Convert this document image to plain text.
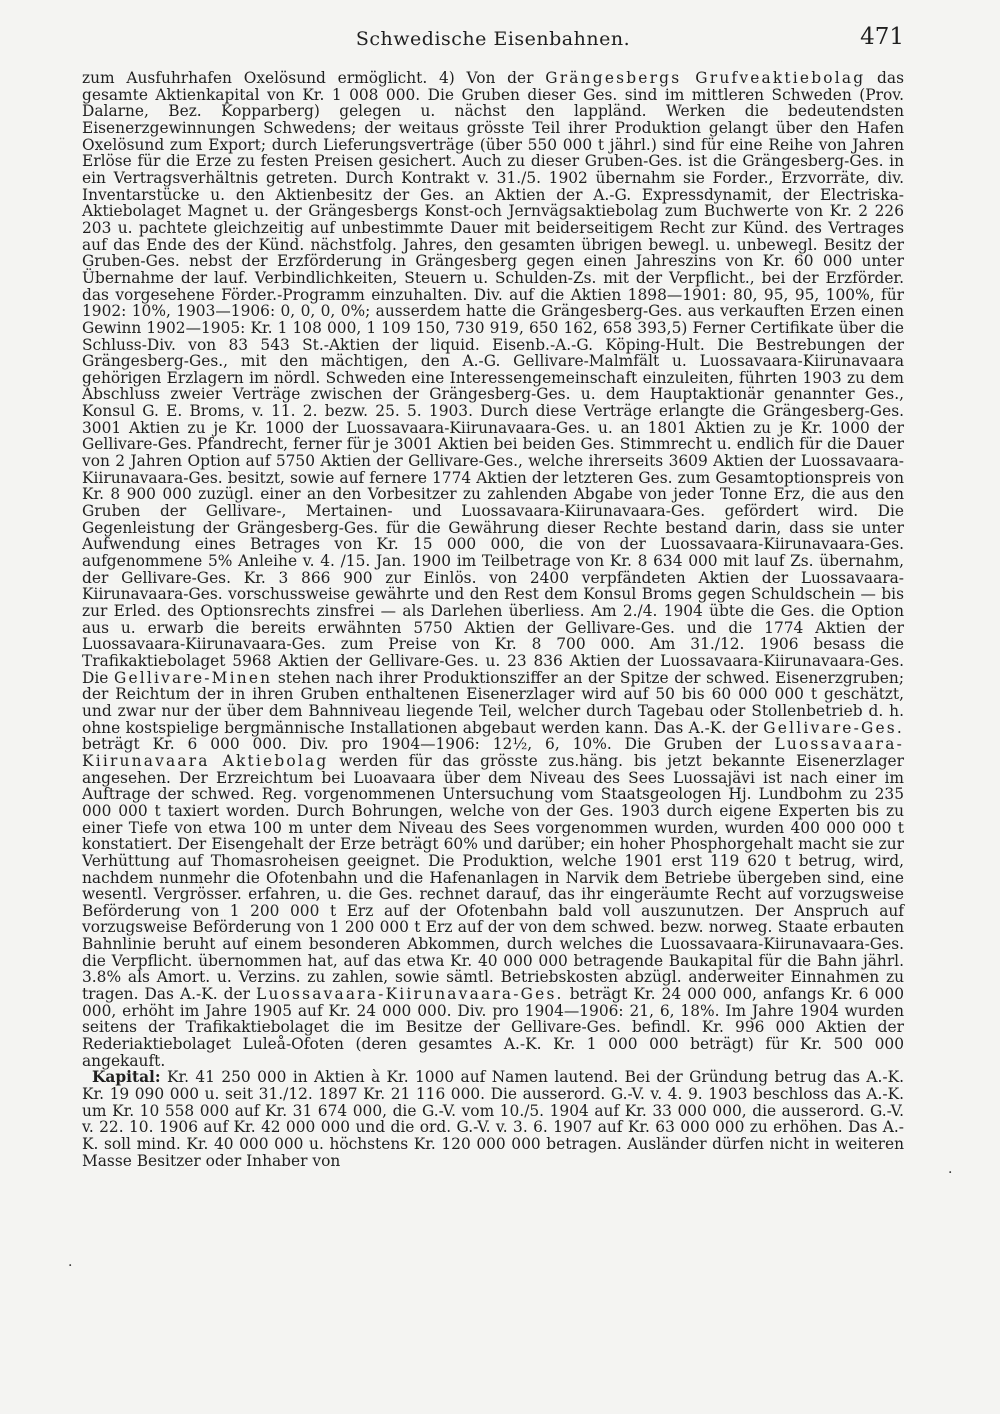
Schwedische Eisenbahnen.	471

zum Ausfuhrhafen Oxelösund ermöglicht. 4) Von der Grängesbergs Grufveaktiebolag das gesamte Aktienkapital von Kr. 1 008 000. Die Gruben dieser Ges. sind im mittleren Schweden (Prov. Dalarne, Bez. Kopparberg) gelegen u. nächst den lappländ. Werken die bedeutendsten Eisenerzgewinnungen Schwedens; der weitaus grösste Teil ihrer Produktion gelangt über den Hafen Oxelösund zum Export; durch Lieferungsverträge (über 550 000 t jährl.) sind für eine Reihe von Jahren Erlöse für die Erze zu festen Preisen gesichert. Auch zu dieser Gruben-Ges. ist die Grängesberg-Ges. in ein Vertragsverhältnis getreten. Durch Kontrakt v. 31./5. 1902 übernahm sie Forder., Erzvorräte, div. Inventarstücke u. den Aktienbesitz der Ges. an Aktien der A.-G. Expressdynamit, der Electriska-Aktiebolaget Magnet u. der Grängesbergs Konst-och Jernvägsaktiebolag zum Buchwerte von Kr. 2 226 203 u. pachtete gleichzeitig auf unbestimmte Dauer mit beiderseitigem Recht zur Künd. des Vertrages auf das Ende des der Künd. nächstfolg. Jahres, den gesamten übrigen bewegl. u. unbewegl. Besitz der Gruben-Ges. nebst der Erzförderung in Grängesberg gegen einen Jahreszins von Kr. 60 000 unter Übernahme der lauf. Verbindlichkeiten, Steuern u. Schulden-Zs. mit der Verpflicht., bei der Erzförder. das vorgesehene Förder.-Programm einzuhalten. Div. auf die Aktien 1898—1901: 80, 95, 95, 100%, für 1902: 10%, 1903—1906: 0, 0, 0, 0%; ausserdem hatte die Grängesberg-Ges. aus verkauften Erzen einen Gewinn 1902—1905: Kr. 1 108 000, 1 109 150, 730 919, 650 162, 658 393,5) Ferner Certifikate über die Schluss-Div. von 83 543 St.-Aktien der liquid. Eisenb.-A.-G. Köping-Hult. Die Bestrebungen der Grängesberg-Ges., mit den mächtigen, den A.-G. Gellivare-Malmfält u. Luossavaara-Kiirunavaara gehörigen Erzlagern im nördl. Schweden eine Interessengemeinschaft einzuleiten, führten 1903 zu dem Abschluss zweier Verträge zwischen der Grängesberg-Ges. u. dem Hauptaktionär genannter Ges., Konsul G. E. Broms, v. 11. 2. bezw. 25. 5. 1903. Durch diese Verträge erlangte die Grängesberg-Ges. 3001 Aktien zu je Kr. 1000 der Luossavaara-Kiirunavaara-Ges. u. an 1801 Aktien zu je Kr. 1000 der Gellivare-Ges. Pfandrecht, ferner für je 3001 Aktien bei beiden Ges. Stimmrecht u. endlich für die Dauer von 2 Jahren Option auf 5750 Aktien der Gellivare-Ges., welche ihrerseits 3609 Aktien der Luossavaara-Kiirunavaara-Ges. besitzt, sowie auf fernere 1774 Aktien der letzteren Ges. zum Gesamtoptionspreis von Kr. 8 900 000 zuzügl. einer an den Vorbesitzer zu zahlenden Abgabe von jeder Tonne Erz, die aus den Gruben der Gellivare-, Mertainen- und Luossavaara-Kiirunavaara-Ges. gefördert wird. Die Gegenleistung der Grängesberg-Ges. für die Gewährung dieser Rechte bestand darin, dass sie unter Aufwendung eines Betrages von Kr. 15 000 000, die von der Luossavaara-Kiirunavaara-Ges. aufgenommene 5% Anleihe v. 4. /15. Jan. 1900 im Teilbetrage von Kr. 8 634 000 mit lauf Zs. übernahm, der Gellivare-Ges. Kr. 3 866 900 zur Einlös. von 2400 verpfändeten Aktien der Luossavaara-Kiirunavaara-Ges. vorschussweise gewährte und den Rest dem Konsul Broms gegen Schuldschein — bis zur Erled. des Optionsrechts zinsfrei — als Darlehen überliess. Am 2./4. 1904 übte die Ges. die Option aus u. erwarb die bereits erwähnten 5750 Aktien der Gellivare-Ges. und die 1774 Aktien der Luossavaara-Kiirunavaara-Ges. zum Preise von Kr. 8 700 000. Am 31./12. 1906 besass die Trafikaktiebolaget 5968 Aktien der Gellivare-Ges. u. 23 836 Aktien der Luossavaara-Kiirunavaara-Ges. Die Gellivare-Minen stehen nach ihrer Produktionsziffer an der Spitze der schwed. Eisenerzgruben; der Reichtum der in ihren Gruben enthaltenen Eisenerzlager wird auf 50 bis 60 000 000 t geschätzt, und zwar nur der über dem Bahnniveau liegende Teil, welcher durch Tagebau oder Stollenbetrieb d. h. ohne kostspielige bergmännische Installationen abgebaut werden kann. Das A.-K. der Gellivare-Ges. beträgt Kr. 6 000 000. Div. pro 1904—1906: 12½, 6, 10%. Die Gruben der Luossavaara-Kiirunavaara Aktiebolag werden für das grösste zus.häng. bis jetzt bekannte Eisenerzlager angesehen. Der Erzreichtum bei Luoavaara über dem Niveau des Sees Luossajävi ist nach einer im Auftrage der schwed. Reg. vorgenommenen Untersuchung vom Staatsgeologen Hj. Lundbohm zu 235 000 000 t taxiert worden. Durch Bohrungen, welche von der Ges. 1903 durch eigene Experten bis zu einer Tiefe von etwa 100 m unter dem Niveau des Sees vorgenommen wurden, wurden 400 000 000 t konstatiert. Der Eisengehalt der Erze beträgt 60% und darüber; ein hoher Phosphorgehalt macht sie zur Verhüttung auf Thomasroheisen geeignet. Die Produktion, welche 1901 erst 119 620 t betrug, wird, nachdem nunmehr die Ofotenbahn und die Hafenanlagen in Narvik dem Betriebe übergeben sind, eine wesentl. Vergrösser. erfahren, u. die Ges. rechnet darauf, das ihr eingeräumte Recht auf vorzugsweise Beförderung von 1 200 000 t Erz auf der Ofotenbahn bald voll auszunutzen. Der Anspruch auf vorzugsweise Beförderung von 1 200 000 t Erz auf der von dem schwed. bezw. norweg. Staate erbauten Bahnlinie beruht auf einem besonderen Abkommen, durch welches die Luossavaara-Kiirunavaara-Ges. die Verpflicht. übernommen hat, auf das etwa Kr. 40 000 000 betragende Baukapital für die Bahn jährl. 3.8% als Amort. u. Verzins. zu zahlen, sowie sämtl. Betriebskosten abzügl. anderweiter Einnahmen zu tragen. Das A.-K. der Luossavaara-Kiirunavaara-Ges. beträgt Kr. 24 000 000, anfangs Kr. 6 000 000, erhöht im Jahre 1905 auf Kr. 24 000 000. Div. pro 1904—1906: 21, 6, 18%. Im Jahre 1904 wurden seitens der Trafikaktiebolaget die im Besitze der Gellivare-Ges. befindl. Kr. 996 000 Aktien der Rederiaktiebolaget Luleå-Ofoten (deren gesamtes A.-K. Kr. 1 000 000 beträgt) für Kr. 500 000 angekauft.

Kapital: Kr. 41 250 000 in Aktien à Kr. 1000 auf Namen lautend. Bei der Gründung betrug das A.-K. Kr. 19 090 000 u. seit 31./12. 1897 Kr. 21 116 000. Die ausserord. G.-V. v. 4. 9. 1903 beschloss das A.-K. um Kr. 10 558 000 auf Kr. 31 674 000, die G.-V. vom 10./5. 1904 auf Kr. 33 000 000, die ausserord. G.-V. v. 22. 10. 1906 auf Kr. 42 000 000 und die ord. G.-V. v. 3. 6. 1907 auf Kr. 63 000 000 zu erhöhen. Das A.-K. soll mind. Kr. 40 000 000 u. höchstens Kr. 120 000 000 betragen. Ausländer dürfen nicht in weiteren Masse Besitzer oder Inhaber von

·
·
